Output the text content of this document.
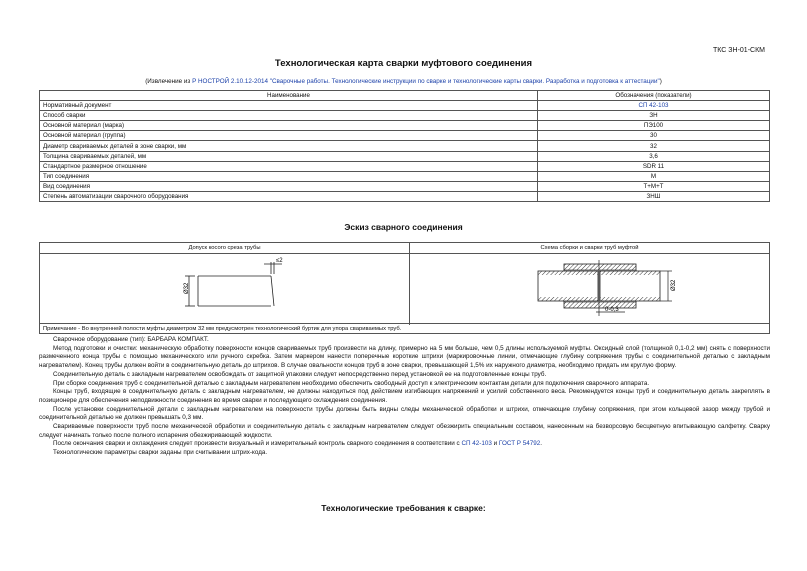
ТКС ЗН-01-СКМ
Технологическая карта сварки муфтового соединения
(Извлечение из Р НОСТРОЙ 2.10.12-2014 "Сварочные работы. Технологические инструкции по сварке и технологические карты сварки. Разработка и подготовка к аттестации")
Наименование	Обозначения (показатели)
Нормативный документ	СП 42-103
Способ сварки	ЗН
Основной материал (марка)	ПЭ100
Основной материал (группа)	30
Диаметр свариваемых деталей в зоне сварки, мм	32
Толщина свариваемых деталей, мм	3,6
Стандартное размерное отношение	SDR 11
Тип соединения	М
Вид соединения	Т+М+Т
Степень автоматизации сварочного оборудования	ЗНШ
Эскиз сварного соединения
Допуск косого среза трубы	Схема сборки и сварки труб муфтой
Ø32
≤2
Ø32
0-0,3
Примечание - Во внутренней полости муфты диаметром 32 мм предусмотрен технологический буртик для упора свариваемых труб.

Сварочное оборудование (тип): БАРБАРА КОМПАКТ.

Метод подготовки и очистки: механическую обработку поверхности концов свариваемых труб произвести на длину, примерно на 5 мм больше, чем 0,5 длины используемой муфты. Оксидный слой (толщиной 0,1-0,2 мм) снять с поверхности размеченного конца трубы с помощью механического или ручного скребка. Затем маркером нанести поперечные короткие штрихи (маркировочные линии, отмечающие глубину сопряжения трубы с соединительной деталью с закладным нагревателем). Конец трубы должен войти в соединительную деталь до штрихов. В случае овальности концов труб в зоне сварки, превышающей 1,5% их наружного диаметра, необходимо придать им круглую форму.

Соединительную деталь с закладным нагревателем освобождать от защитной упаковки следует непосредственно перед установкой ее на подготовленные концы труб.

При сборке соединения труб с соединительной деталью с закладным нагревателем необходимо обеспечить свободный доступ к электрическим контактам детали для подключения сварочного аппарата.

Концы труб, входящие в соединительную деталь с закладным нагревателем, не должны находиться под действием изгибающих напряжений и усилий собственного веса. Рекомендуется концы труб и соединительную деталь закреплять в позиционере для обеспечения неподвижности соединения во время сварки и последующего охлаждения соединения.

После установки соединительной детали с закладным нагревателем на поверхности трубы должны быть видны следы механической обработки и штрихи, отмечающие глубину сопряжения, при этом кольцевой зазор между трубой и соединительной деталью не должен превышать 0,3 мм.

Свариваемые поверхности труб после механической обработки и соединительную деталь с закладным нагревателем следует обезжирить специальным составом, нанесенным на безворсовую бесцветную впитывающую салфетку. Сварку следует начинать только после полного испарения обезжиривающей жидкости.

После окончания сварки и охлаждения следует произвести визуальный и измерительный контроль сварного соединения в соответствии с СП 42-103 и ГОСТ Р 54792.

Технологические параметры сварки заданы при считывании штрих-кода.

Технологические требования к сварке:
